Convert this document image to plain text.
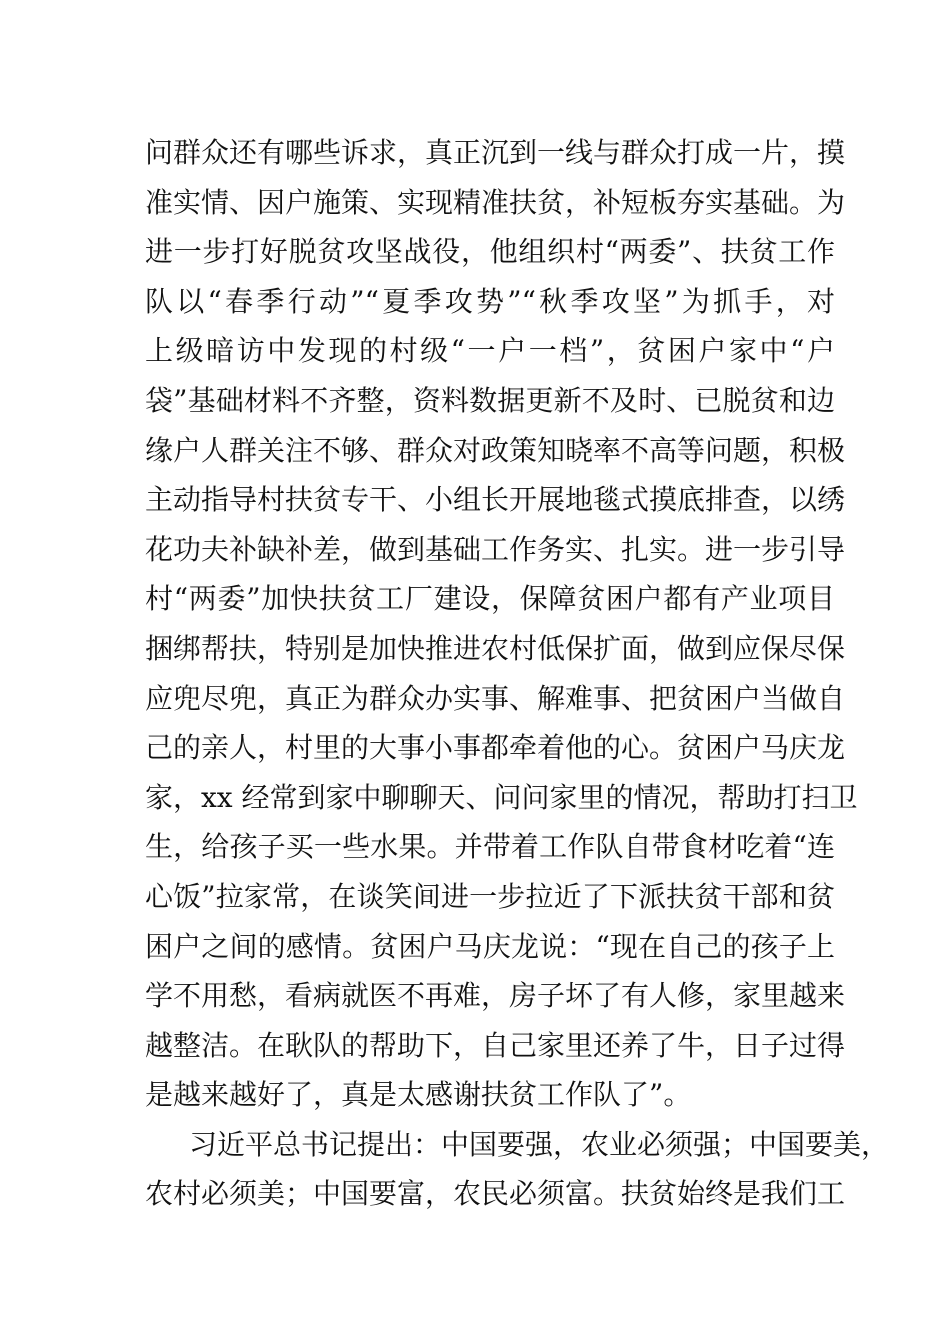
问群众还有哪些诉求，真正沉到一线与群众打成一片，摸
准实情、因户施策、实现精准扶贫，补短板夯实基础。为
进一步打好脱贫攻坚战役，他组织村“两委”、扶贫工作
队以“春季行动”“夏季攻势”“秋季攻坚”为抓手，对
上级暗访中发现的村级“一户一档”，贫困户家中“户
袋”基础材料不齐整，资料数据更新不及时、已脱贫和边
缘户人群关注不够、群众对政策知晓率不高等问题，积极
主动指导村扶贫专干、小组长开展地毯式摸底排查，以绣
花功夫补缺补差，做到基础工作务实、扎实。进一步引导
村“两委”加快扶贫工厂建设，保障贫困户都有产业项目
捆绑帮扶，特别是加快推进农村低保扩面，做到应保尽保
应兜尽兜，真正为群众办实事、解难事、把贫困户当做自
己的亲人，村里的大事小事都牵着他的心。贫困户马庆龙
家，xx 经常到家中聊聊天、问问家里的情况，帮助打扫卫
生，给孩子买一些水果。并带着工作队自带食材吃着“连
心饭”拉家常，在谈笑间进一步拉近了下派扶贫干部和贫
困户之间的感情。贫困户马庆龙说：“现在自己的孩子上
学不用愁，看病就医不再难，房子坏了有人修，家里越来
越整洁。在耿队的帮助下，自己家里还养了牛，日子过得
是越来越好了，真是太感谢扶贫工作队了”。
习近平总书记提出：中国要强，农业必须强；中国要美，
农村必须美；中国要富，农民必须富。扶贫始终是我们工
